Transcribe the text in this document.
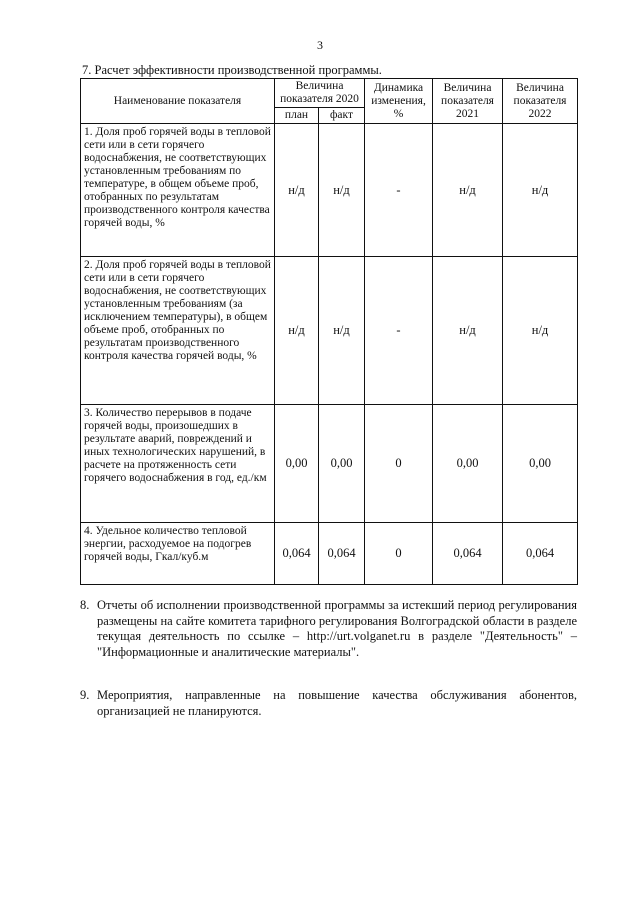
3
7. Расчет эффективности производственной программы.
Наименование показателя	Величина показателя 2020		Динамика изменения, %	Величина показателя 2021	Величина показателя 2022
	план	факт			
1. Доля проб горячей воды в тепловой сети или в сети горячего водоснабжения, не соответствующих установленным требованиям по температуре, в общем объеме проб, отобранных по результатам производственного контроля качества горячей воды, %	н/д	н/д	-	н/д	н/д
2. Доля проб горячей воды в тепловой сети или в сети горячего водоснабжения, не соответствующих установленным требованиям (за исключением температуры), в общем объеме проб, отобранных по результатам производственного контроля качества горячей воды, %	н/д	н/д	-	н/д	н/д
3. Количество перерывов в подаче горячей воды, произошедших в результате аварий, повреждений и иных технологических нарушений, в расчете на протяженность сети горячего водоснабжения в год, ед./км	0,00	0,00	0	0,00	0,00
4. Удельное количество тепловой энергии, расходуемое на подогрев горячей воды, Гкал/куб.м	0,064	0,064	0	0,064	0,064
8. Отчеты об исполнении производственной программы за истекший период регулирования размещены на сайте комитета тарифного регулирования Волгоградской области в разделе текущая деятельность по ссылке – http://urt.volganet.ru в разделе "Деятельность" – "Информационные и аналитические материалы".
9. Мероприятия, направленные на повышение качества обслуживания абонентов, организацией не планируются.
